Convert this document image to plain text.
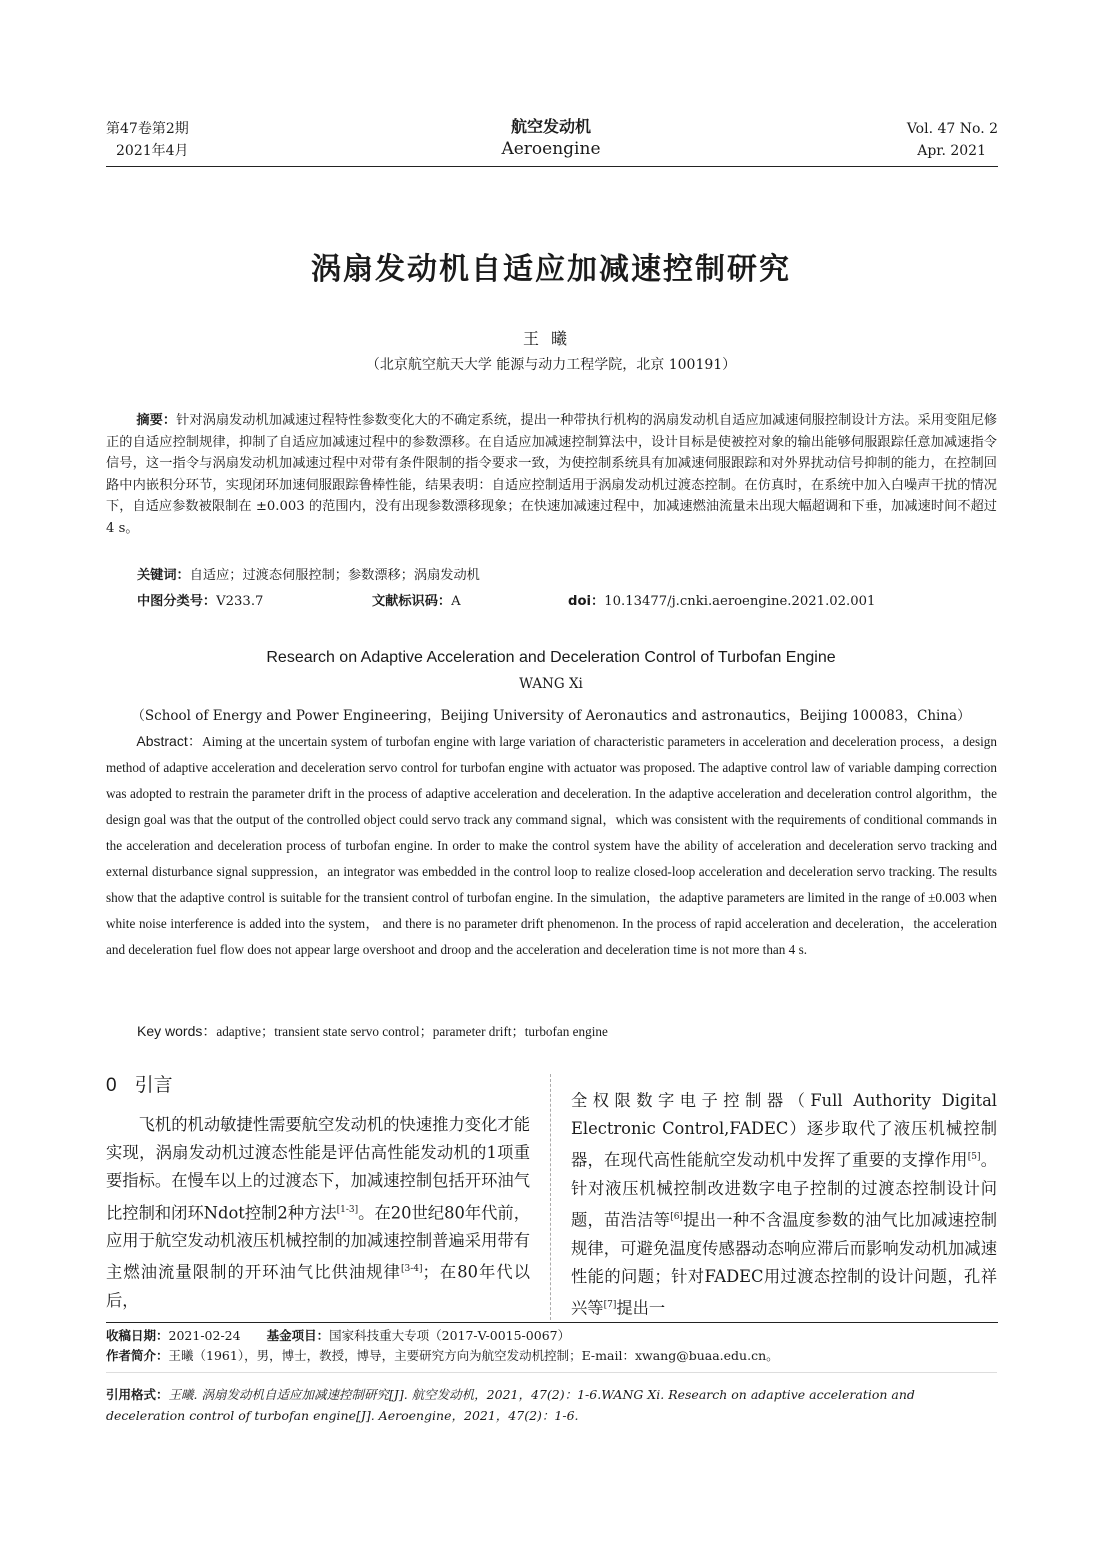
第47卷第2期
2021年4月
航空发动机
Aeroengine
Vol. 47 No. 2
Apr. 2021
涡扇发动机自适应加减速控制研究
王曦
（北京航空航天大学 能源与动力工程学院，北京 100191）
摘要：针对涡扇发动机加减速过程特性参数变化大的不确定系统，提出一种带执行机构的涡扇发动机自适应加减速伺服控制设计方法。采用变阻尼修正的自适应控制规律，抑制了自适应加减速过程中的参数漂移。在自适应加减速控制算法中，设计目标是使被控对象的输出能够伺服跟踪任意加减速指令信号，这一指令与涡扇发动机加减速过程中对带有条件限制的指令要求一致，为使控制系统具有加减速伺服跟踪和对外界扰动信号抑制的能力，在控制回路中内嵌积分环节，实现闭环加速伺服跟踪鲁棒性能，结果表明：自适应控制适用于涡扇发动机过渡态控制。在仿真时，在系统中加入白噪声干扰的情况下，自适应参数被限制在 ±0.003 的范围内，没有出现参数漂移现象；在快速加减速过程中，加减速燃油流量未出现大幅超调和下垂，加减速时间不超过4 s。
关键词：自适应；过渡态伺服控制；参数漂移；涡扇发动机
中图分类号：V233.7	文献标识码：A	doi：10.13477/j.cnki.aeroengine.2021.02.001
Research on Adaptive Acceleration and Deceleration Control of Turbofan Engine
WANG Xi
（School of Energy and Power Engineering，Beijing University of Aeronautics and astronautics，Beijing 100083，China）
Abstract：Aiming at the uncertain system of turbofan engine with large variation of characteristic parameters in acceleration and deceleration process，a design method of adaptive acceleration and deceleration servo control for turbofan engine with actuator was proposed. The adaptive control law of variable damping correction was adopted to restrain the parameter drift in the process of adaptive acceleration and deceleration. In the adaptive acceleration and deceleration control algorithm，the design goal was that the output of the controlled object could servo track any command signal，which was consistent with the requirements of conditional commands in the acceleration and deceleration process of turbofan engine. In order to make the control system have the ability of acceleration and deceleration servo tracking and external disturbance signal suppression，an integrator was embedded in the control loop to realize closed-loop acceleration and deceleration servo tracking. The results show that the adaptive control is suitable for the transient control of turbofan engine. In the simulation，the adaptive parameters are limited in the range of ±0.003 when white noise interference is added into the system， and there is no parameter drift phenomenon. In the process of rapid acceleration and deceleration，the acceleration and deceleration fuel flow does not appear large overshoot and droop and the acceleration and deceleration time is not more than 4 s.
Key words：adaptive；transient state servo control；parameter drift；turbofan engine
0 引言

飞机的机动敏捷性需要航空发动机的快速推力变化才能实现，涡扇发动机过渡态性能是评估高性能发动机的1项重要指标。在慢车以上的过渡态下，加减速控制包括开环油气比控制和闭环Ndot控制2种方法[1-3]。在20世纪80年代前，应用于航空发动机液压机械控制的加减速控制普遍采用带有主燃油流量限制的开环油气比供油规律[3-4]；在80年代以后，

全权限数字电子控制器（Full Authority Digital Electronic Control,FADEC）逐步取代了液压机械控制器，在现代高性能航空发动机中发挥了重要的支撑作用[5]。针对液压机械控制改进数字电子控制的过渡态控制设计问题，苗浩洁等[6]提出一种不含温度参数的油气比加减速控制规律，可避免温度传感器动态响应滞后而影响发动机加减速性能的问题；针对FADEC用过渡态控制的设计问题，孔祥兴等[7]提出一

收稿日期：2021-02-24 基金项目：国家科技重大专项（2017-V-0015-0067）
作者简介：王曦（1961），男，博士，教授，博导，主要研究方向为航空发动机控制；E-mail：xwang@buaa.edu.cn。
引用格式：王曦. 涡扇发动机自适应加减速控制研究[J]. 航空发动机，2021，47(2)：1-6.WANG Xi. Research on adaptive acceleration and deceleration control of turbofan engine[J]. Aeroengine，2021，47(2)：1-6.
